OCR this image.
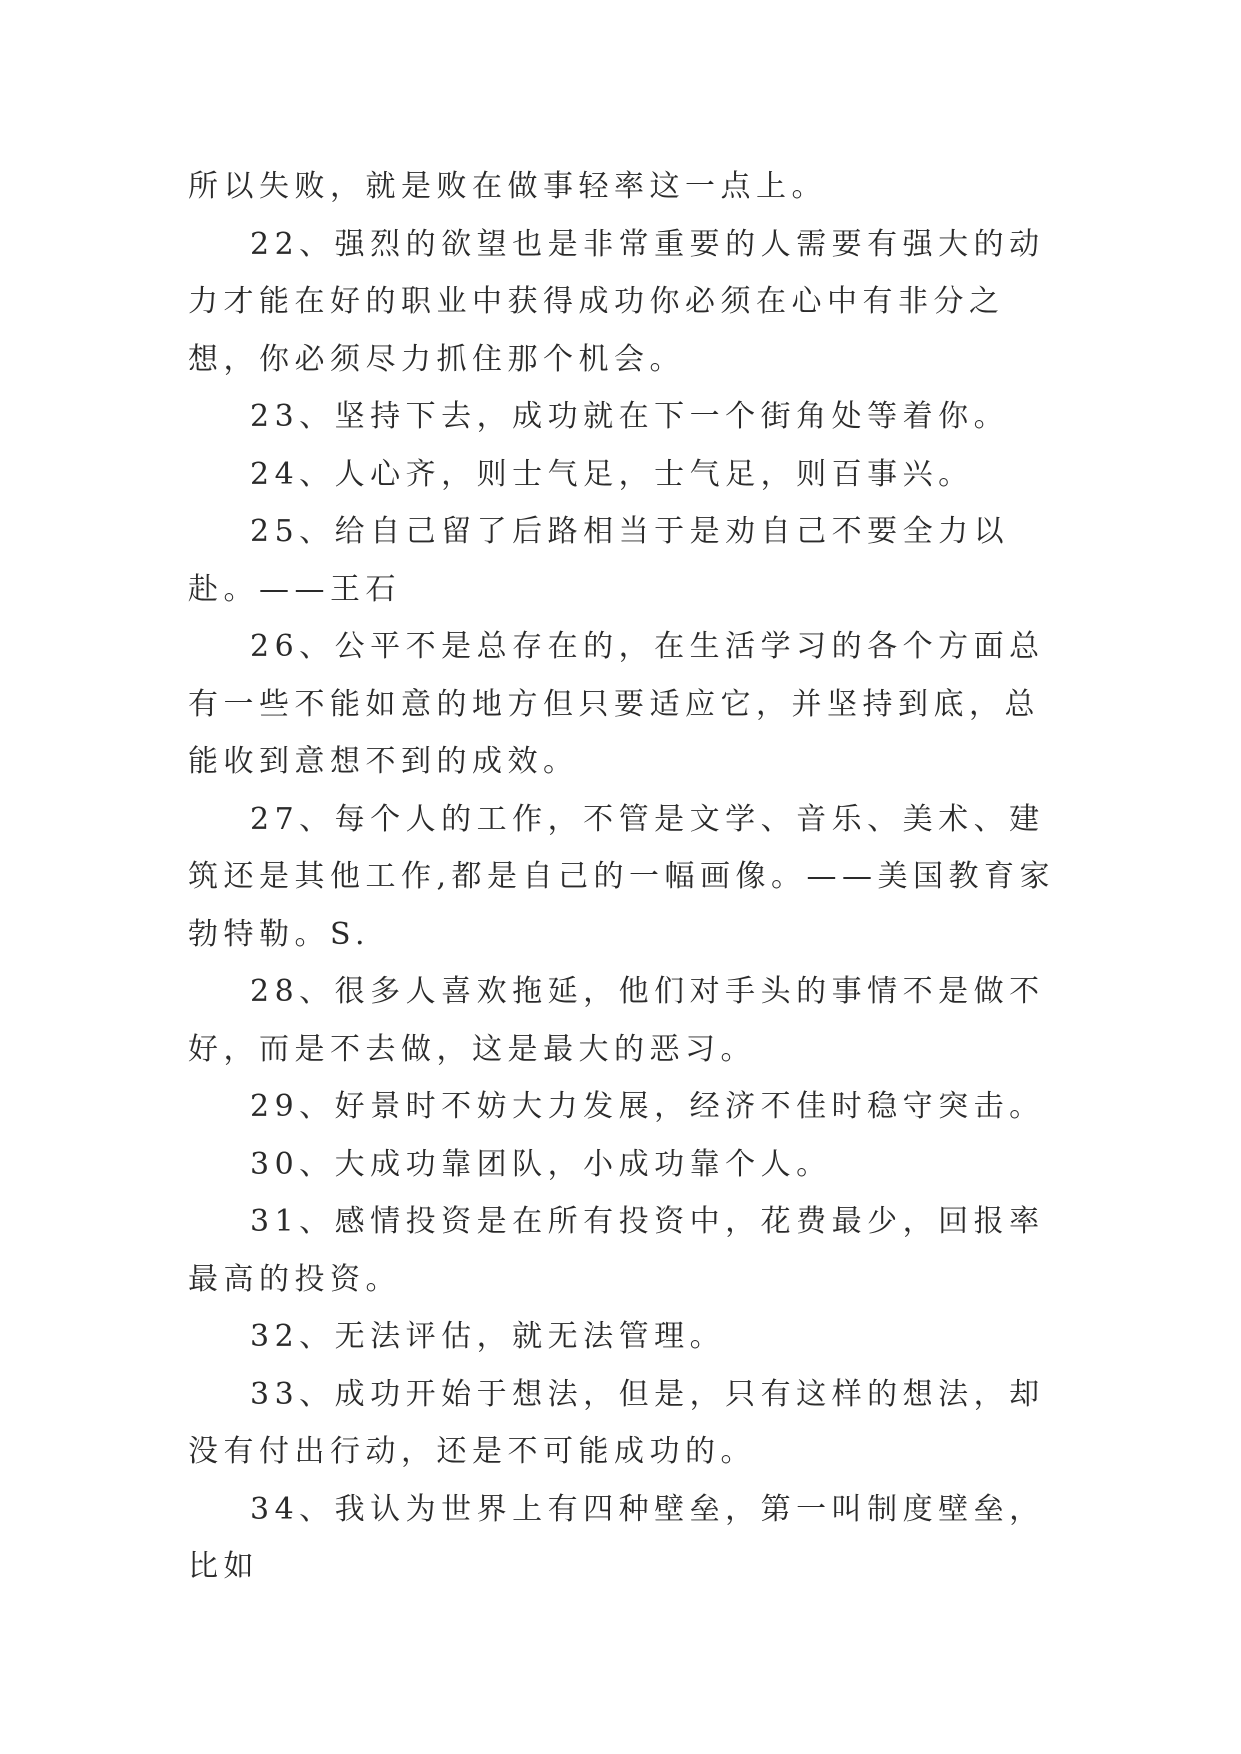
所以失败，就是败在做事轻率这一点上。

22、强烈的欲望也是非常重要的人需要有强大的动力才能在好的职业中获得成功你必须在心中有非分之想，你必须尽力抓住那个机会。

23、坚持下去，成功就在下一个街角处等着你。

24、人心齐，则士气足，士气足，则百事兴。

25、给自己留了后路相当于是劝自己不要全力以赴。——王石

26、公平不是总存在的，在生活学习的各个方面总有一些不能如意的地方但只要适应它，并坚持到底，总能收到意想不到的成效。

27、每个人的工作，不管是文学、音乐、美术、建筑还是其他工作,都是自己的一幅画像。——美国教育家勃特勒。S.

28、很多人喜欢拖延，他们对手头的事情不是做不好，而是不去做，这是最大的恶习。

29、好景时不妨大力发展，经济不佳时稳守突击。

30、大成功靠团队，小成功靠个人。

31、感情投资是在所有投资中，花费最少，回报率最高的投资。

32、无法评估，就无法管理。

33、成功开始于想法，但是，只有这样的想法，却没有付出行动，还是不可能成功的。

34、我认为世界上有四种壁垒，第一叫制度壁垒，比如
